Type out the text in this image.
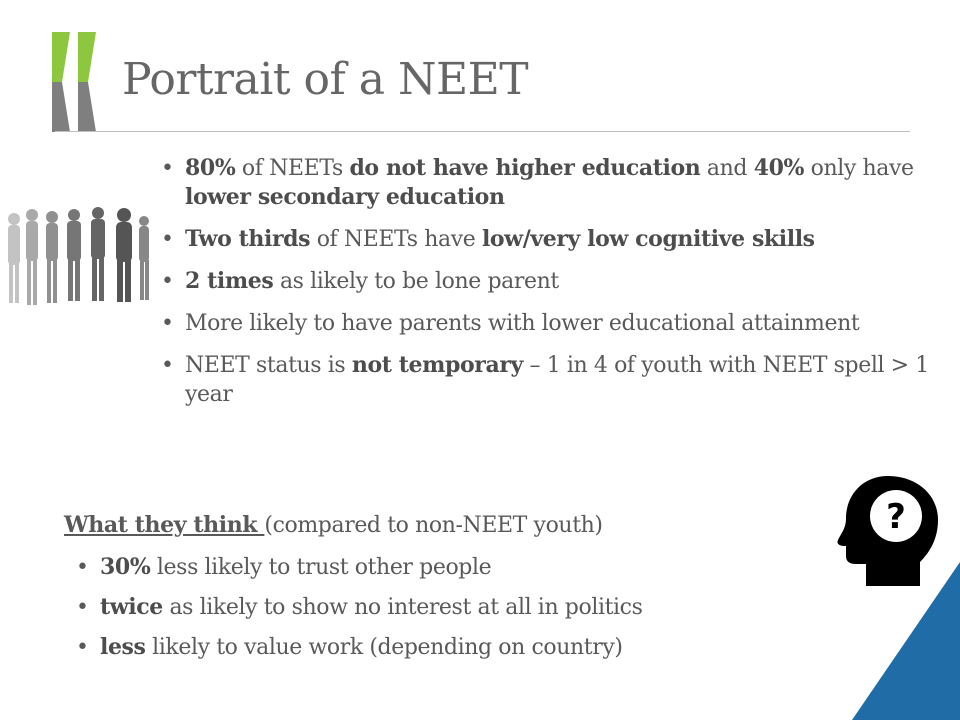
Portrait of a NEET
• 80% of NEETs do not have higher education and 40% only have lower secondary education
• Two thirds of NEETs have low/very low cognitive skills
• 2 times as likely to be lone parent
• More likely to have parents with lower educational attainment
• NEET status is not temporary – 1 in 4 of youth with NEET spell > 1 year
What they think (compared to non-NEET youth)
• 30% less likely to trust other people
• twice as likely to show no interest at all in politics
• less likely to value work (depending on country)
?
